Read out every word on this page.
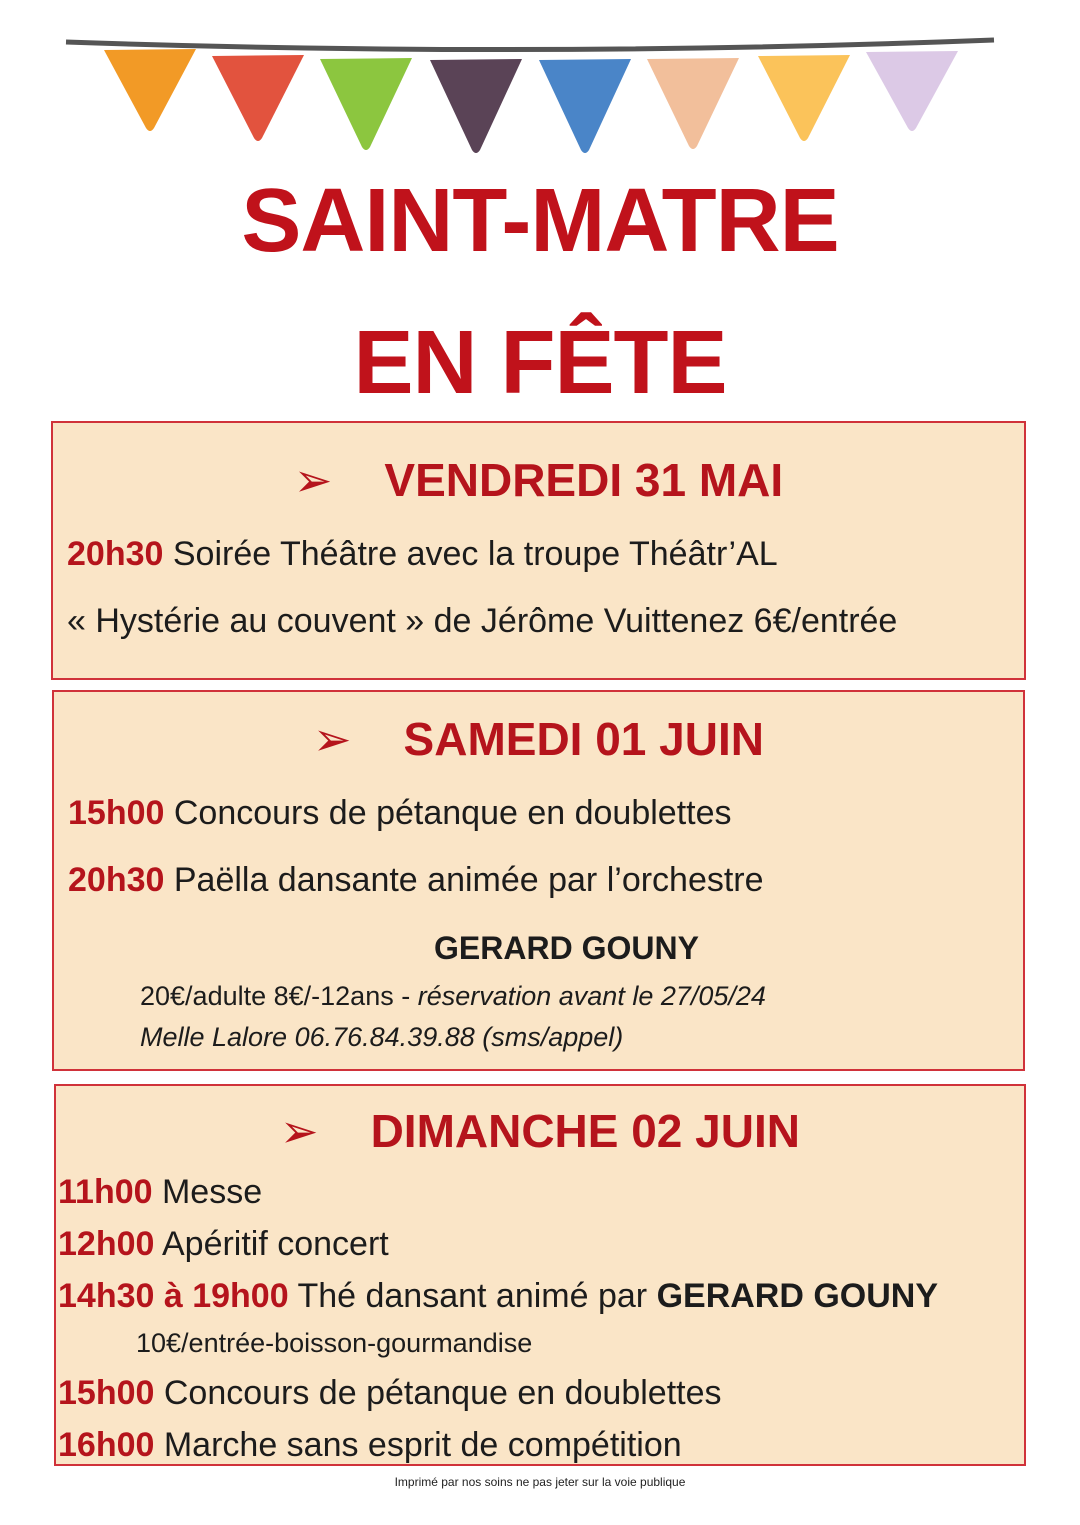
SAINT-MATRE
EN FÊTE
➢ VENDREDI 31 MAI
20h30 Soirée Théâtre avec la troupe Théâtr’AL
« Hystérie au couvent » de Jérôme Vuittenez 6€/entrée
➢ SAMEDI 01 JUIN
15h00 Concours de pétanque en doublettes
20h30 Paëlla dansante animée par l’orchestre
GERARD GOUNY
20€/adulte 8€/-12ans - réservation avant le 27/05/24
Melle Lalore 06.76.84.39.88 (sms/appel)
➢ DIMANCHE 02 JUIN
11h00 Messe
12h00 Apéritif concert
14h30 à 19h00 Thé dansant animé par GERARD GOUNY
10€/entrée-boisson-gourmandise
15h00 Concours de pétanque en doublettes
16h00 Marche sans esprit de compétition
Imprimé par nos soins ne pas jeter sur la voie publique
